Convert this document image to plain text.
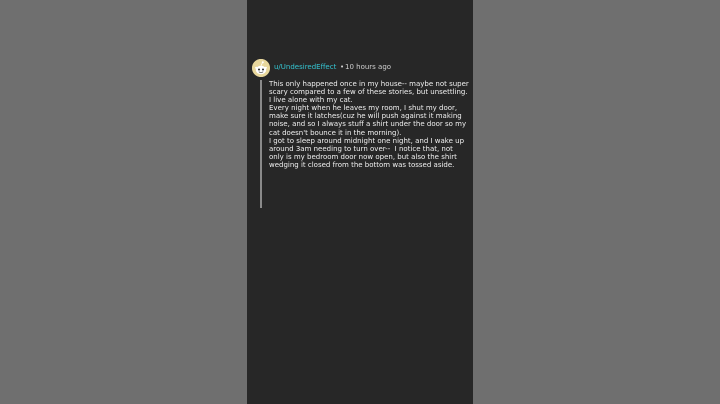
u/UndesiredEffect • 10 hours ago

This only happened once in my house-- maybe not super scary compared to a few of these stories, but unsettling.

I live alone with my cat.

Every night when he leaves my room, I shut my door, make sure it latches(cuz he will push against it making noise, and so I always stuff a shirt under the door so my cat doesn't bounce it in the morning).

I got to sleep around midnight one night, and I wake up around 3am needing to turn over--  I notice that, not only is my bedroom door now open, but also the shirt wedging it closed from the bottom was tossed aside.
